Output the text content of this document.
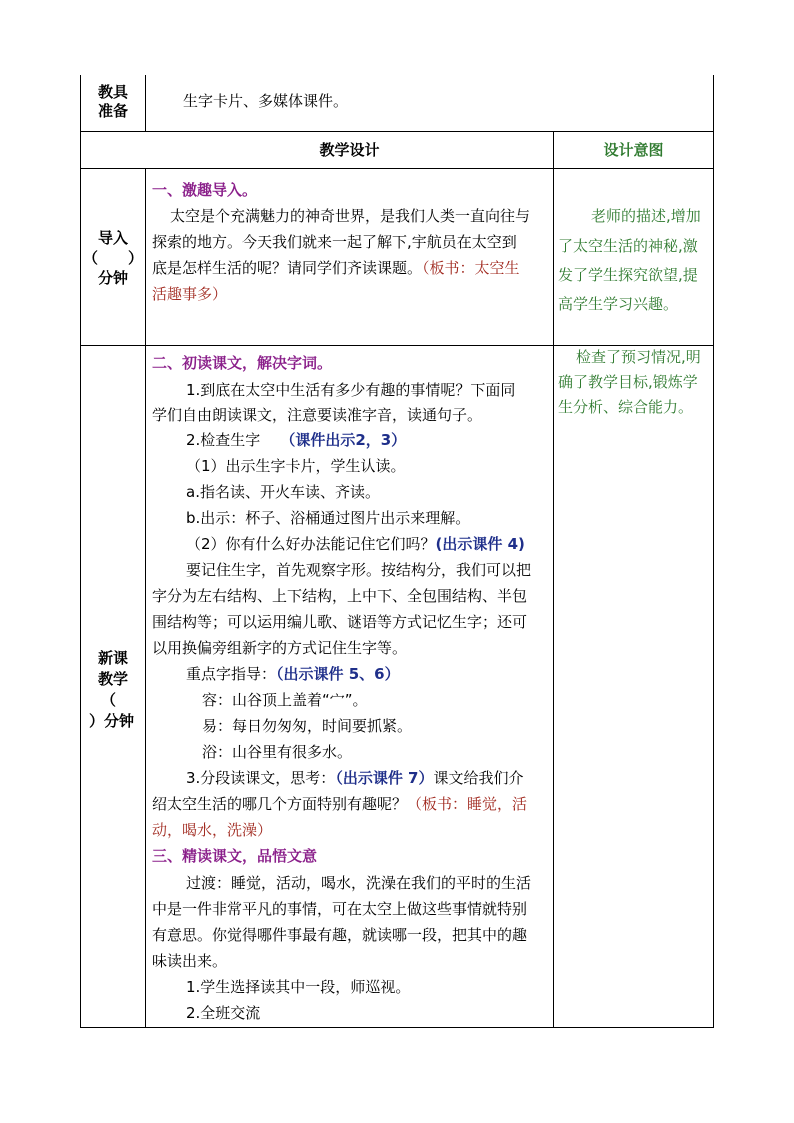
教具
准备
生字卡片、多媒体课件。
教学设计	设计意图
导入
（　　）
分钟
一、激趣导入。
太空是个充满魅力的神奇世界，是我们人类一直向往与
探索的地方。今天我们就来一起了解下,宇航员在太空到
底是怎样生活的呢？请同学们齐读课题。（板书：太空生
活趣事多）
老师的描述,增加
了太空生活的神秘,激
发了学生探究欲望,提
高学生学习兴趣。
新课
教学
（
）分钟
检查了预习情况,明
确了教学目标,锻炼学
生分析、综合能力。
二、初读课文，解决字词。
1.到底在太空中生活有多少有趣的事情呢？下面同
学们自由朗读课文，注意要读准字音，读通句子。
2.检查生字 （课件出示2，3）
（1）出示生字卡片，学生认读。
a.指名读、开火车读、齐读。
b.出示：杯子、浴桶通过图片出示来理解。
（2）你有什么好办法能记住它们吗？(出示课件 4)
要记住生字，首先观察字形。按结构分，我们可以把
字分为左右结构、上下结构，上中下、全包围结构、半包
围结构等；可以运用编儿歌、谜语等方式记忆生字；还可
以用换偏旁组新字的方式记住生字等。
重点字指导：（出示课件 5、6）
容：山谷顶上盖着“宀”。
易：每日勿匆匆，时间要抓紧。
浴：山谷里有很多水。
3.分段读课文，思考：（出示课件 7）课文给我们介
绍太空生活的哪几个方面特别有趣呢？（板书：睡觉，活
动，喝水，洗澡）
三、精读课文，品悟文意
过渡：睡觉，活动，喝水，洗澡在我们的平时的生活
中是一件非常平凡的事情，可在太空上做这些事情就特别
有意思。你觉得哪件事最有趣，就读哪一段，把其中的趣
味读出来。
1.学生选择读其中一段，师巡视。
2.全班交流
